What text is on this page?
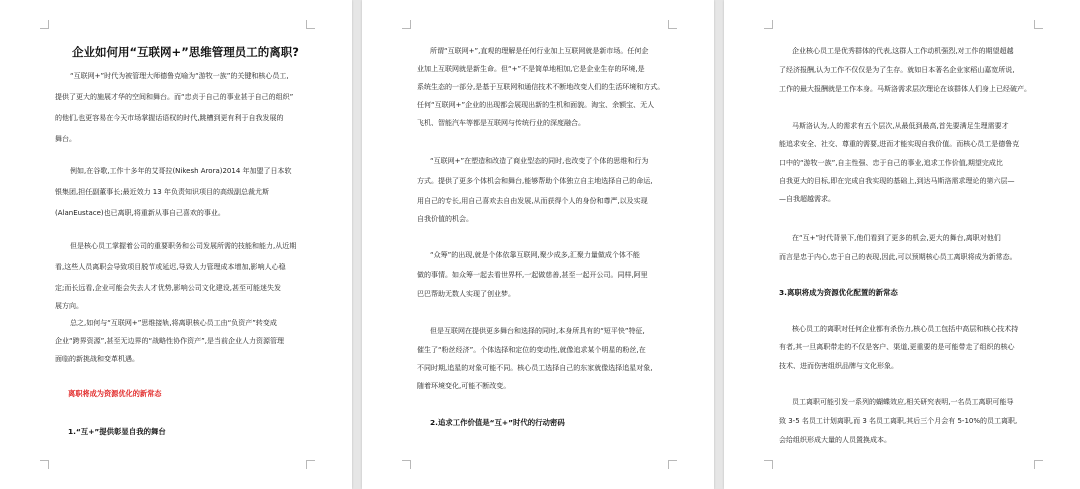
企业如何用“互联网+”思维管理员工的离职?

“互联网+”时代为被管理大师德鲁克喻为“游牧一族”的关键和核心员工,

提供了更大的施展才华的空间和舞台。而“忠贞于自己的事业甚于自己的组织”

的他们,也更容易在今天市场掌握话语权的时代,跳槽到更有利于自我发展的

舞台。

例如,在谷歌,工作十多年的艾哥拉(Nikesh Arora)2014 年加盟了日本软

银集团,担任副董事长;最近效力 13 年负责知识项目的高级副总裁尤斯

(AlanEustace)也已离职,将重新从事自己喜欢的事业。

但是核心员工掌握着公司的重要职务和公司发展所需的技能和能力,从近期

看,这些人员离职会导致项目脱节或延迟,导致人力管理成本增加,影响人心稳

定;而长远看,企业可能会失去人才优势,影响公司文化建设,甚至可能迷失发

展方向。

总之,如何与“互联网+”思维接轨,将离职核心员工由“负资产”转变成

企业“跨界资源”,甚至无边界的“战略性协作资产”,是当前企业人力资源管理

面临的新挑战和变革机遇。

离职将成为资源优化的新常态

1.“互+”提供彰显自我的舞台

所谓“互联网+”,直观的理解是任何行业加上互联网就是新市场。任何企

业加上互联网就是新生命。但“+”不是简单地相加,它是企业生存的环境,是

系统生态的一部分,是基于互联网和通信技术不断地改变人们的生活环境和方式。

任何“互联网+”企业的出现都会展现出新的生机和面貌。淘宝、余额宝、无人

飞机、智能汽车等都是互联网与传统行业的深度融合。

“互联网+”在塑造和改造了商业型态的同时,也改变了个体的思维和行为

方式。提供了更多个体机会和舞台,能够帮助个体独立自主地选择自己的命运,

用自己的专长,用自己喜欢去自由发展,从而获得个人的身份和尊严,以及实现

自我价值的机会。

“众筹”的出现,就是个体依靠互联网,聚少成多,汇聚力量做成个体不能

做的事情。如众筹一起去看世界杯,一起做慈善,甚至一起开公司。同样,阿里

巴巴帮助无数人实现了创业梦。

但是互联网在提供更多舞台和选择的同时,本身所具有的“短平快”特征,

催生了“粉丝经济”。个体选择和定位的变动性,就像追求某个明星的粉丝,在

不同时期,追星的对象可能不同。核心员工选择自己的东家就像选择追星对象,

随着环境变化,可能不断改变。

2.追求工作价值是“互+”时代的行动密码

企业核心员工是优秀群体的代表,这群人工作动机强烈,对工作的期望超越

了经济报酬,认为工作不仅仅是为了生存。就如日本著名企业家稻山嘉宽所说,

工作的最大报酬就是工作本身。马斯洛需求层次理论在该群体人们身上已经破产。

马斯洛认为,人的需求有五个层次,从最低到最高,首先要满足生理需要才

能追求安全、社交、尊重的需要,进而才能实现自我价值。而核心员工是德鲁克

口中的“游牧一族”,自主性强、忠于自己的事业,追求工作价值,期望完成比

自我更大的目标,即在完成自我实现的基础上,到达马斯洛需求理论的第六层—

—自我超越需求。

在“互+”时代背景下,他们看到了更多的机会,更大的舞台,离职对他们

而言是忠于内心,忠于自己的表现,因此,可以预期核心员工离职将成为新常态。

3.离职将成为资源优化配置的新常态

核心员工的离职对任何企业都有杀伤力,核心员工包括中高层和核心技术持

有者,其一旦离职带走的不仅是客户、渠道,更重要的是可能带走了组织的核心

技术、进而伤害组织品牌与文化形象。

员工离职可能引发一系列的蝴蝶效应,相关研究表明,一名员工离职可能导

致 3-5 名员工计划离职,而 3 名员工离职,其后三个月会有 5-10%的员工离职,

会给组织形成大量的人员置换成本。
